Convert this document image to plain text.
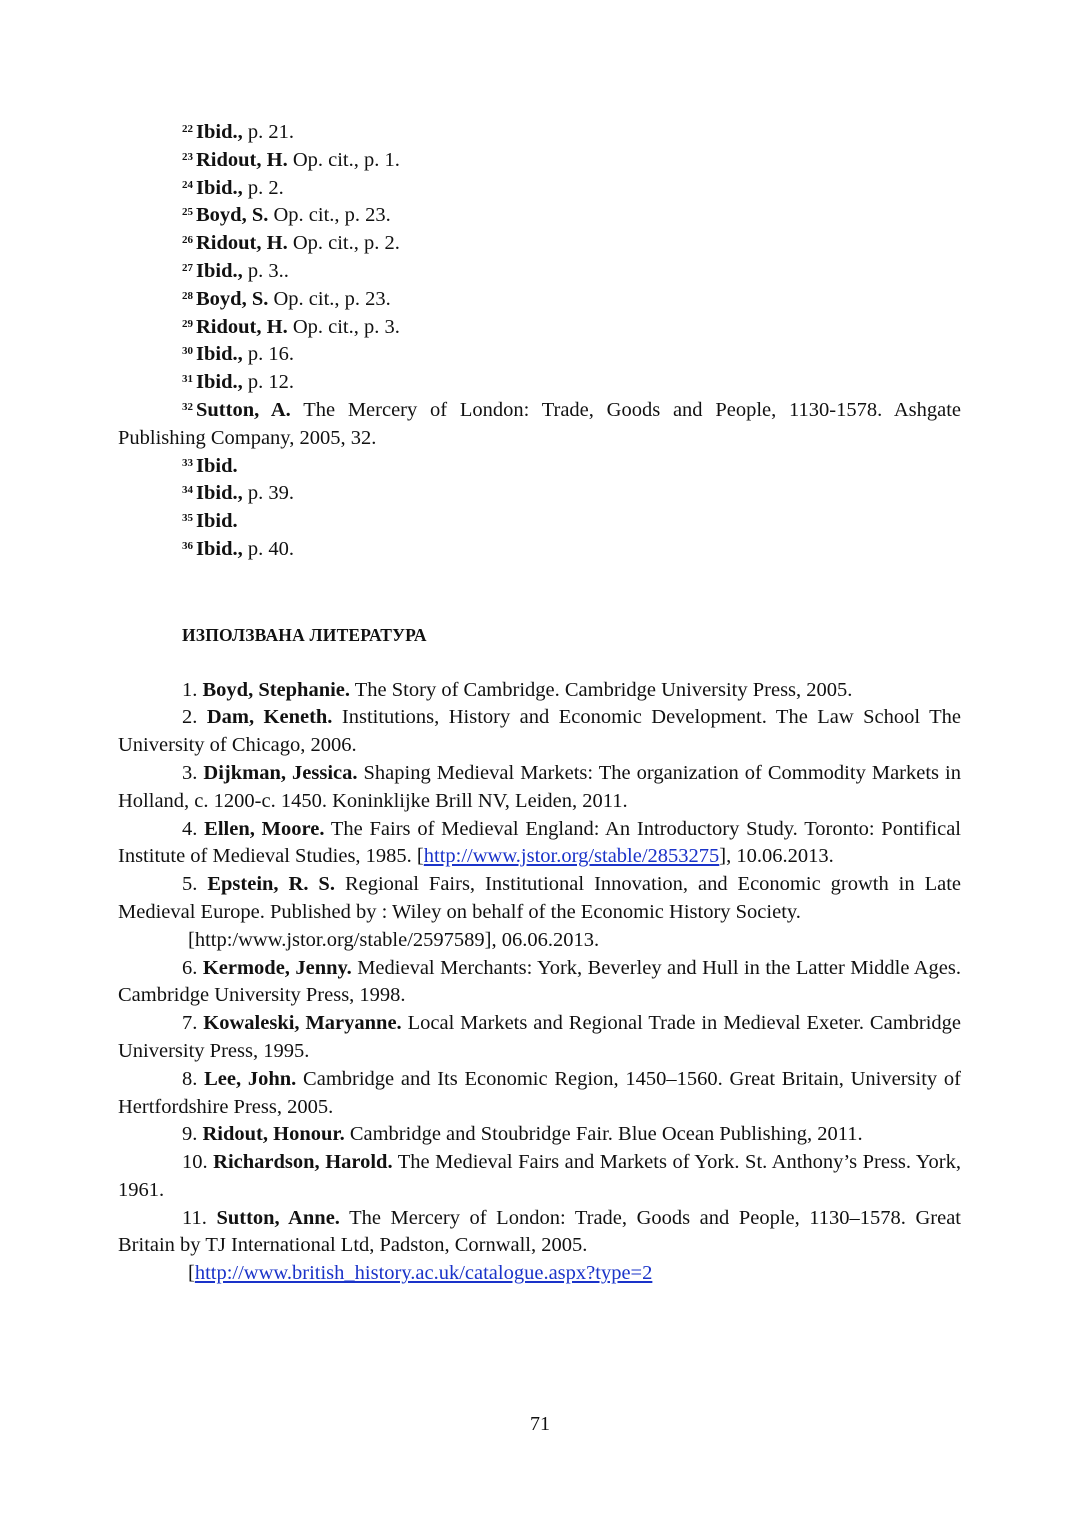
$^{22}$ Ibid., p. 21.
$^{23}$ Ridout, H. Op. cit., p. 1.
$^{24}$ Ibid., p. 2.
$^{25}$ Boyd, S. Op. cit., p. 23.
$^{26}$ Ridout, H. Op. cit., p. 2.
$^{27}$ Ibid., p. 3..
$^{28}$ Boyd, S. Op. cit., p. 23.
$^{29}$ Ridout, H. Op. cit., p. 3.
$^{30}$ Ibid., p. 16.
$^{31}$ Ibid., p. 12.
$^{32}$ Sutton, A. The Mercery of London: Trade, Goods and People, 1130-1578. Ashgate Publishing Company, 2005, 32.
$^{33}$ Ibid.
$^{34}$ Ibid., p. 39.
$^{35}$ Ibid.
$^{36}$ Ibid., p. 40.
ИЗПОЛЗВАНА ЛИТЕРАТУРА
1. Boyd, Stephanie. The Story of Cambridge. Cambridge University Press, 2005.
2. Dam, Keneth. Institutions, History and Economic Development. The Law School The University of Chicago, 2006.
3. Dijkman, Jessica. Shaping Medieval Markets: The organization of Commodity Markets in Holland, c. 1200-c. 1450. Koninklijke Brill NV, Leiden, 2011.
4. Ellen, Moore. The Fairs of Medieval England: An Introductory Study. Toronto: Pontifical Institute of Medieval Studies, 1985. [http://www.jstor.org/stable/2853275], 10.06.2013.
5. Epstein, R. S. Regional Fairs, Institutional Innovation, and Economic growth in Late Medieval Europe. Published by : Wiley on behalf of the Economic History Society.
[http:/www.jstor.org/stable/2597589], 06.06.2013.
6. Kermode, Jenny. Medieval Merchants: York, Beverley and Hull in the Latter Middle Ages. Cambridge University Press, 1998.
7. Kowaleski, Maryanne. Local Markets and Regional Trade in Medieval Exeter. Cambridge University Press, 1995.
8. Lee, John. Cambridge and Its Economic Region, 1450–1560. Great Britain, University of Hertfordshire Press, 2005.
9. Ridout, Honour. Cambridge and Stoubridge Fair. Blue Ocean Publishing, 2011.
10. Richardson, Harold. The Medieval Fairs and Markets of York. St. Anthony’s Press. York, 1961.
11. Sutton, Anne. The Mercery of London: Trade, Goods and People, 1130–1578. Great Britain by TJ International Ltd, Padston, Cornwall, 2005.
[http://www.british_history.ac.uk/catalogue.aspx?type=2
71
